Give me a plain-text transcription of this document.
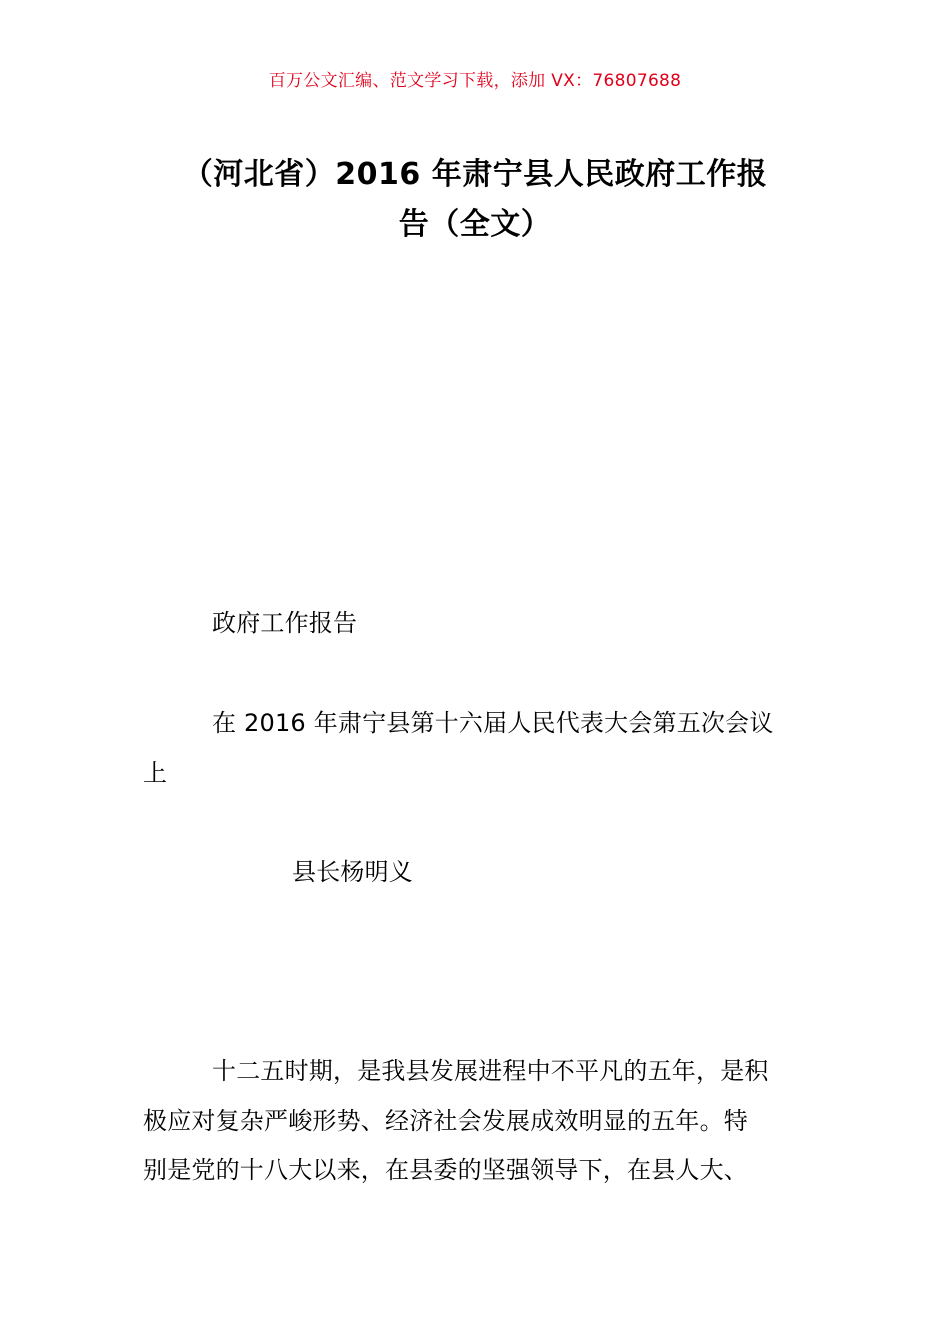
百万公文汇编、范文学习下载，添加 VX：76807688
（河北省）2016 年肃宁县人民政府工作报
告（全文）
政府工作报告
在 2016 年肃宁县第十六届人民代表大会第五次会议
上
县长杨明义
十二五时期，是我县发展进程中不平凡的五年，是积
极应对复杂严峻形势、经济社会发展成效明显的五年。特
别是党的十八大以来，在县委的坚强领导下，在县人大、
